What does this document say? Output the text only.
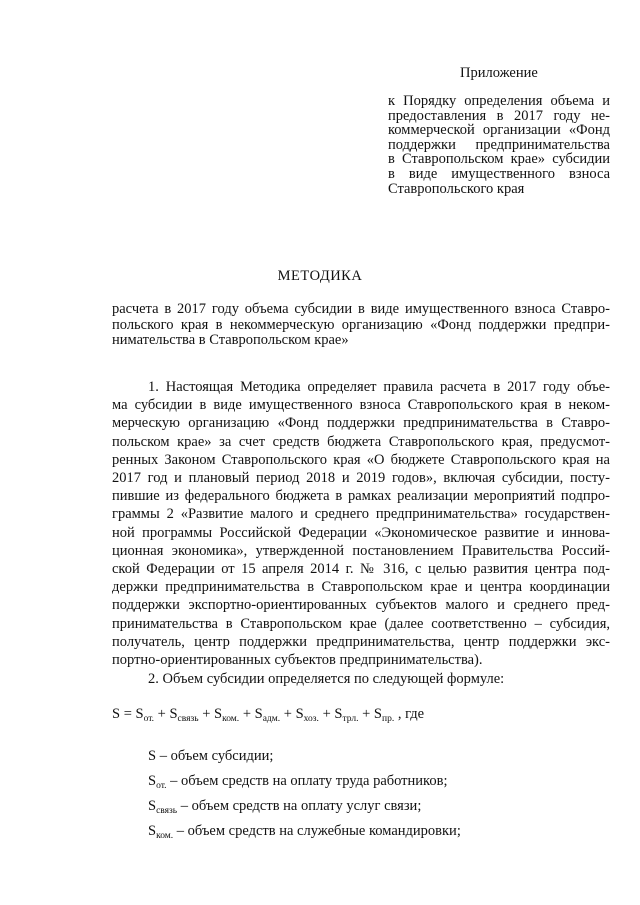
Приложение
к Порядку определения объема и
предоставления в 2017 году не-
коммерческой организации «Фонд
поддержки предпринимательства
в Ставропольском крае» субсидии
в виде имущественного взноса
Ставропольского края
МЕТОДИКА
расчета в 2017 году объема субсидии в виде имущественного взноса Ставро-
польского края в некоммерческую организацию «Фонд поддержки предпри-
нимательства в Ставропольском крае»
1. Настоящая Методика определяет правила расчета в 2017 году объе-
ма субсидии в виде имущественного взноса Ставропольского края в неком-
мерческую организацию «Фонд поддержки предпринимательства в Ставро-
польском крае» за счет средств бюджета Ставропольского края, предусмот-
ренных Законом Ставропольского края «О бюджете Ставропольского края на
2017 год и плановый период 2018 и 2019 годов», включая субсидии, посту-
пившие из федерального бюджета в рамках реализации мероприятий подпро-
граммы 2 «Развитие малого и среднего предпринимательства» государствен-
ной программы Российской Федерации «Экономическое развитие и иннова-
ционная экономика», утвержденной постановлением Правительства Россий-
ской Федерации от 15 апреля 2014 г. № 316, с целью развития центра под-
держки предпринимательства в Ставропольском крае и центра координации
поддержки экспортно-ориентированных субъектов малого и среднего пред-
принимательства в Ставропольском крае (далее соответственно – субсидия,
получатель, центр поддержки предпринимательства, центр поддержки экс-
портно-ориентированных субъектов предпринимательства).
2. Объем субсидии определяется по следующей формуле:
$S = S_{от.} + S_{связь} + S_{ком.} + S_{адм.} + S_{хоз.} + S_{трл.} + S_{пр.}$ , где
S – объем субсидии;
$S_{от.}$ – объем средств на оплату труда работников;
$S_{связь}$ – объем средств на оплату услуг связи;
$S_{ком.}$ – объем средств на служебные командировки;
